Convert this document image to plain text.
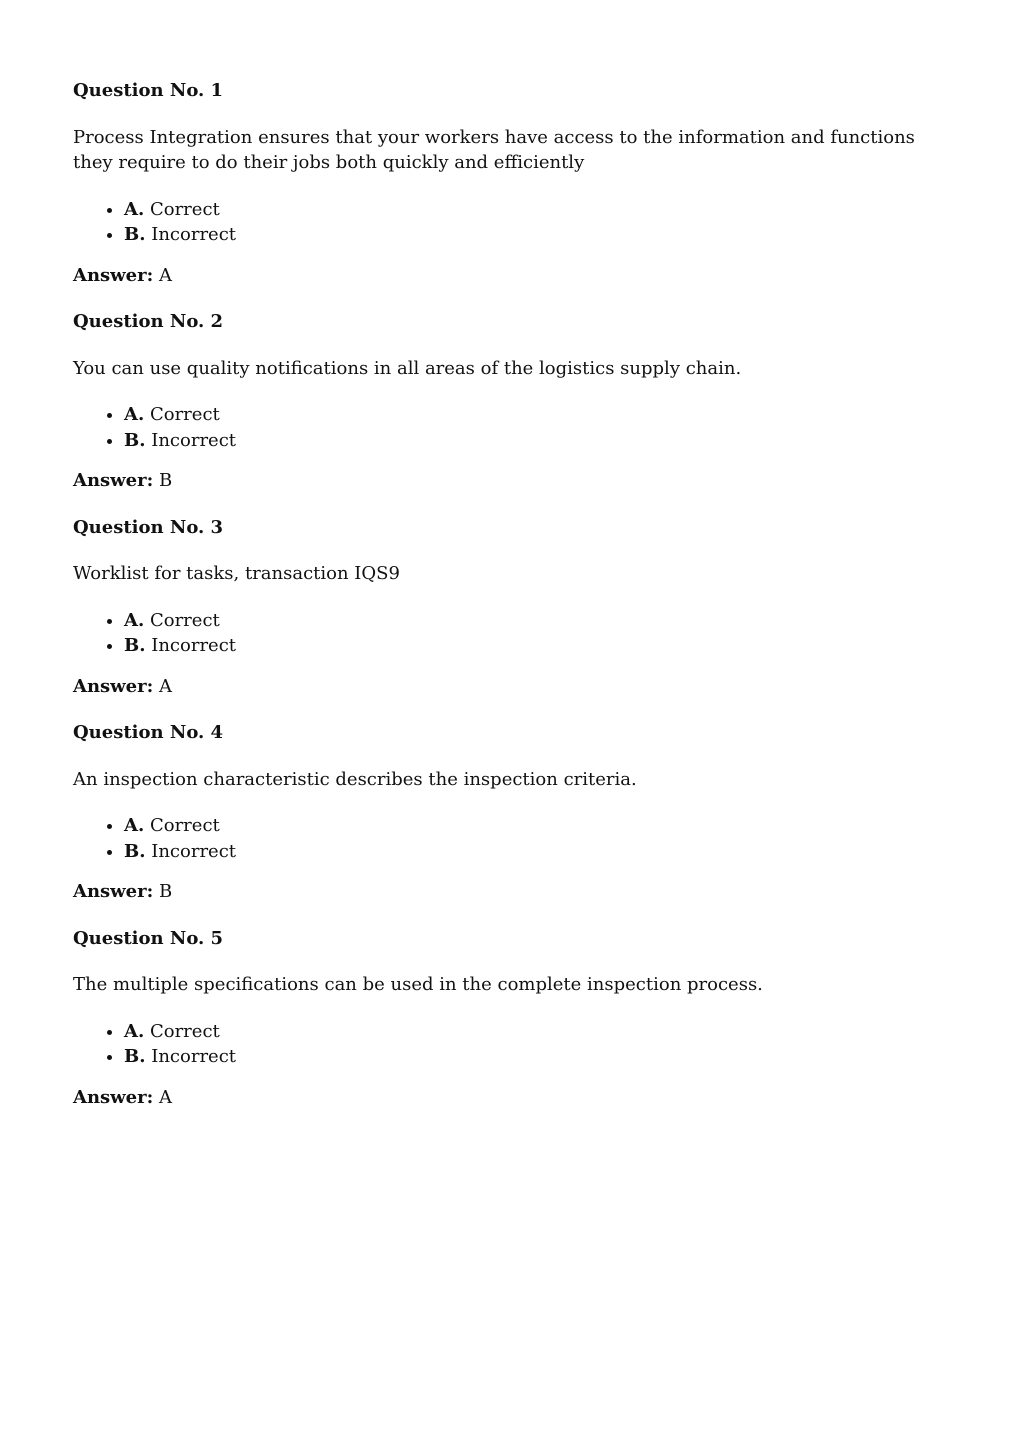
Question No. 1

Process Integration ensures that your workers have access to the information and functions they require to do their jobs both quickly and efficiently

• A. Correct
• B. Incorrect

Answer: A

Question No. 2

You can use quality notifications in all areas of the logistics supply chain.

• A. Correct
• B. Incorrect

Answer: B

Question No. 3

Worklist for tasks, transaction IQS9

• A. Correct
• B. Incorrect

Answer: A

Question No. 4

An inspection characteristic describes the inspection criteria.

• A. Correct
• B. Incorrect

Answer: B

Question No. 5

The multiple specifications can be used in the complete inspection process.

• A. Correct
• B. Incorrect

Answer: A
